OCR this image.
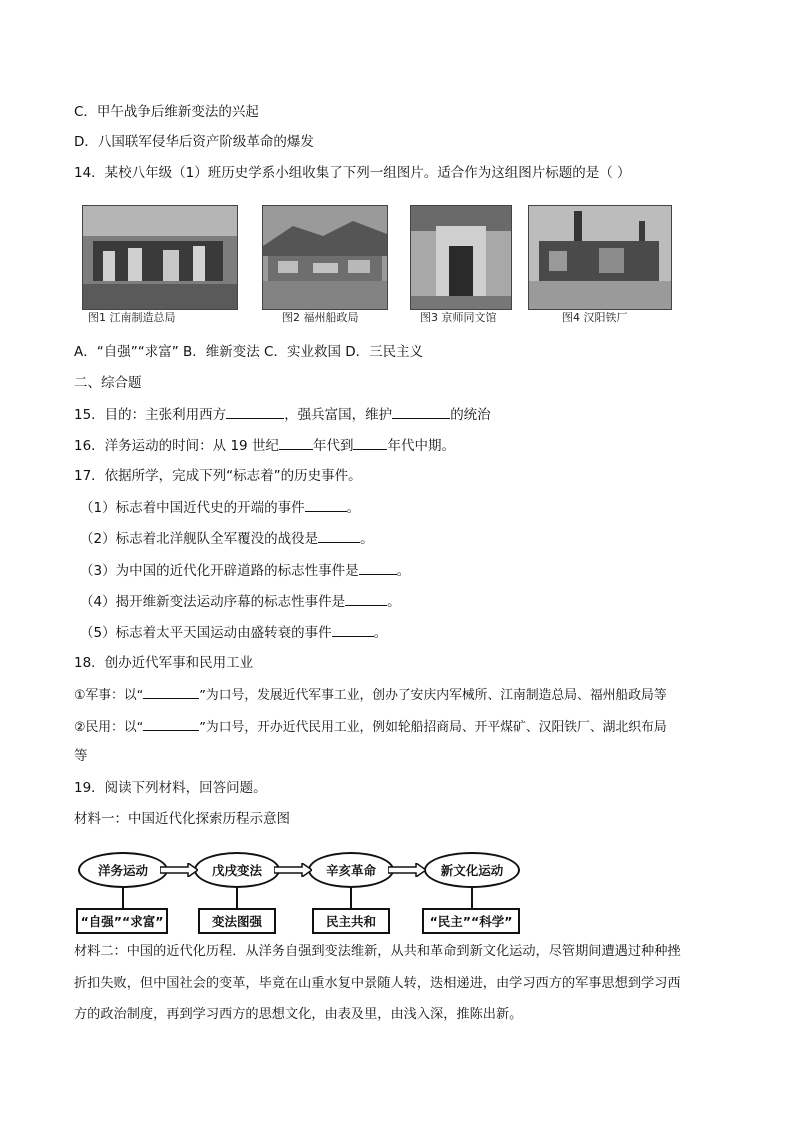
C．甲午战争后维新变法的兴起
D．八国联军侵华后资产阶级革命的爆发
14．某校八年级（1）班历史学系小组收集了下列一组图片。适合作为这组图片标题的是（ ）
图1 江南制造总局	图2 福州船政局	图3 京师同文馆	图4 汉阳铁厂
A．“自强”“求富” B．维新变法 C．实业救国 D．三民主义
二、综合题
15．目的：主张利用西方	，强兵富国，维护	的统治
16．洋务运动的时间：从 19 世纪	年代到	年代中期。
17．依据所学，完成下列“标志着”的历史事件。
（1）标志着中国近代史的开端的事件	。
（2）标志着北洋舰队全军覆没的战役是	。
（3）为中国的近代化开辟道路的标志性事件是	。
（4）揭开维新变法运动序幕的标志性事件是	。
（5）标志着太平天国运动由盛转衰的事件	。
18．创办近代军事和民用工业
①军事：以“	”为口号，发展近代军事工业，创办了安庆内军械所、江南制造总局、福州船政局等
②民用：以“	”为口号，开办近代民用工业，例如轮船招商局、开平煤矿、汉阳铁厂、湖北织布局
等
19．阅读下列材料，回答问题。
材料一：中国近代化探索历程示意图
洋务运动	戊戌变法	辛亥革命	新文化运动
“自强”“求富”	变法图强	民主共和	“民主”“科学”
材料二：中国的近代化历程．从洋务自强到变法维新，从共和革命到新文化运动，尽管期间遭遇过种种挫
折扣失败，但中国社会的变革，毕竟在山重水复中景随人转，迭相递进，由学习西方的军事思想到学习西
方的政治制度，再到学习西方的思想文化，由表及里，由浅入深，推陈出新。
